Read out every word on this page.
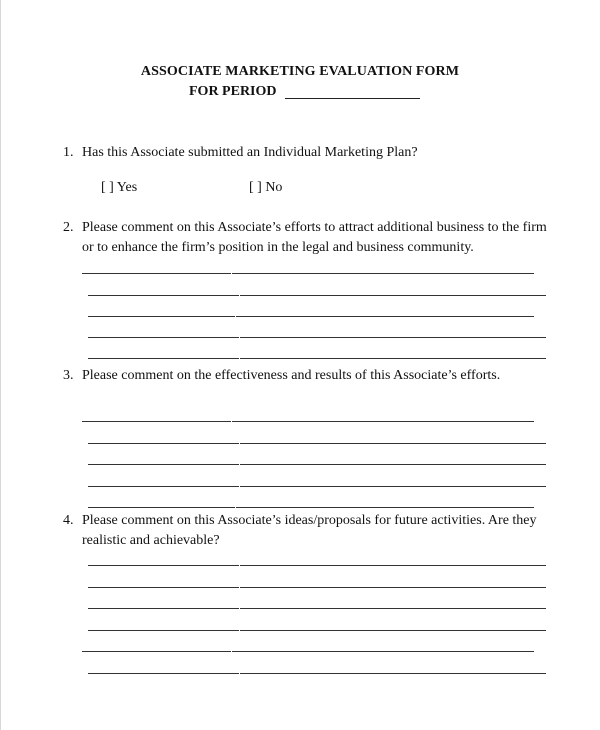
ASSOCIATE MARKETING EVALUATION FORM
FOR PERIOD
1. Has this Associate submitted an Individual Marketing Plan?
[ ] Yes	[ ] No
2. Please comment on this Associate’s efforts to attract additional business to the firm or to enhance the firm’s position in the legal and business community.
3. Please comment on the effectiveness and results of this Associate’s efforts.
4. Please comment on this Associate’s ideas/proposals for future activities. Are they realistic and achievable?
